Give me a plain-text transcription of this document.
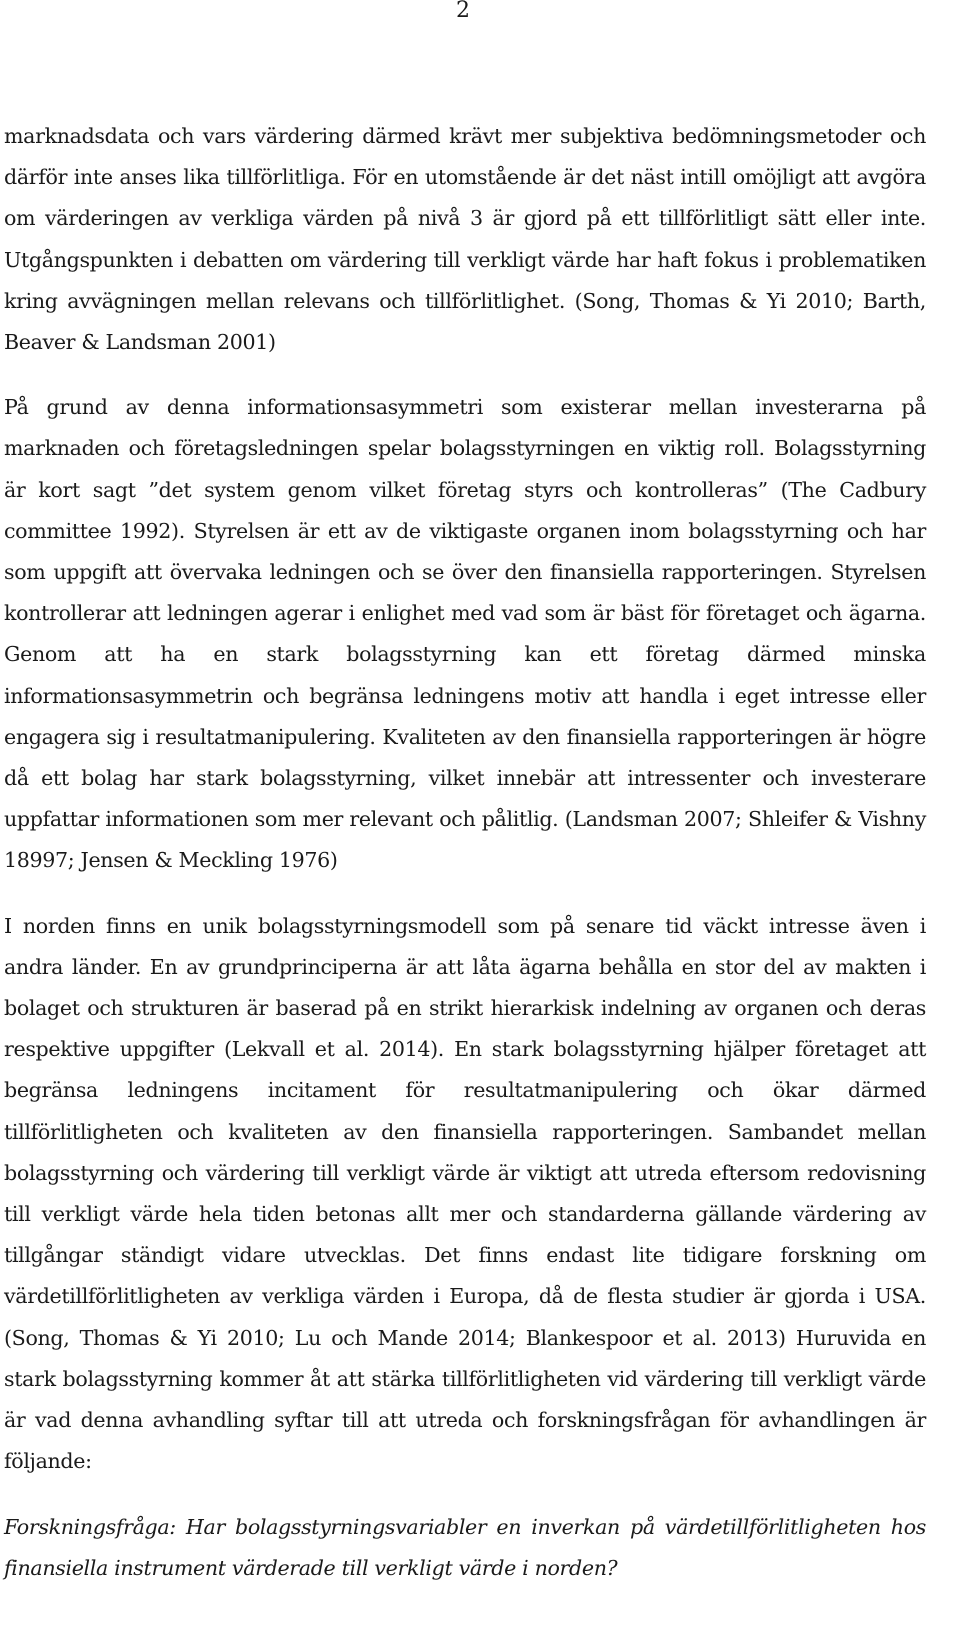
2

marknadsdata och vars värdering därmed krävt mer subjektiva bedömningsmetoder och därför inte anses lika tillförlitliga. För en utomstående är det näst intill omöjligt att avgöra om värderingen av verkliga värden på nivå 3 är gjord på ett tillförlitligt sätt eller inte. Utgångspunkten i debatten om värdering till verkligt värde har haft fokus i problematiken kring avvägningen mellan relevans och tillförlitlighet. (Song, Thomas & Yi 2010; Barth, Beaver & Landsman 2001)

På grund av denna informationsasymmetri som existerar mellan investerarna på marknaden och företagsledningen spelar bolagsstyrningen en viktig roll. Bolagsstyrning är kort sagt ”det system genom vilket företag styrs och kontrolleras” (The Cadbury committee 1992). Styrelsen är ett av de viktigaste organen inom bolagsstyrning och har som uppgift att övervaka ledningen och se över den finansiella rapporteringen. Styrelsen kontrollerar att ledningen agerar i enlighet med vad som är bäst för företaget och ägarna. Genom att ha en stark bolagsstyrning kan ett företag därmed minska informationsasymmetrin och begränsa ledningens motiv att handla i eget intresse eller engagera sig i resultatmanipulering. Kvaliteten av den finansiella rapporteringen är högre då ett bolag har stark bolagsstyrning, vilket innebär att intressenter och investerare uppfattar informationen som mer relevant och pålitlig. (Landsman 2007; Shleifer & Vishny 18997; Jensen & Meckling 1976)

I norden finns en unik bolagsstyrningsmodell som på senare tid väckt intresse även i andra länder. En av grundprinciperna är att låta ägarna behålla en stor del av makten i bolaget och strukturen är baserad på en strikt hierarkisk indelning av organen och deras respektive uppgifter (Lekvall et al. 2014). En stark bolagsstyrning hjälper företaget att begränsa ledningens incitament för resultatmanipulering och ökar därmed tillförlitligheten och kvaliteten av den finansiella rapporteringen. Sambandet mellan bolagsstyrning och värdering till verkligt värde är viktigt att utreda eftersom redovisning till verkligt värde hela tiden betonas allt mer och standarderna gällande värdering av tillgångar ständigt vidare utvecklas. Det finns endast lite tidigare forskning om värdetillförlitligheten av verkliga värden i Europa, då de flesta studier är gjorda i USA. (Song, Thomas & Yi 2010; Lu och Mande 2014; Blankespoor et al. 2013) Huruvida en stark bolagsstyrning kommer åt att stärka tillförlitligheten vid värdering till verkligt värde är vad denna avhandling syftar till att utreda och forskningsfrågan för avhandlingen är följande:

Forskningsfråga: Har bolagsstyrningsvariabler en inverkan på värdetillförlitligheten hos finansiella instrument värderade till verkligt värde i norden?
